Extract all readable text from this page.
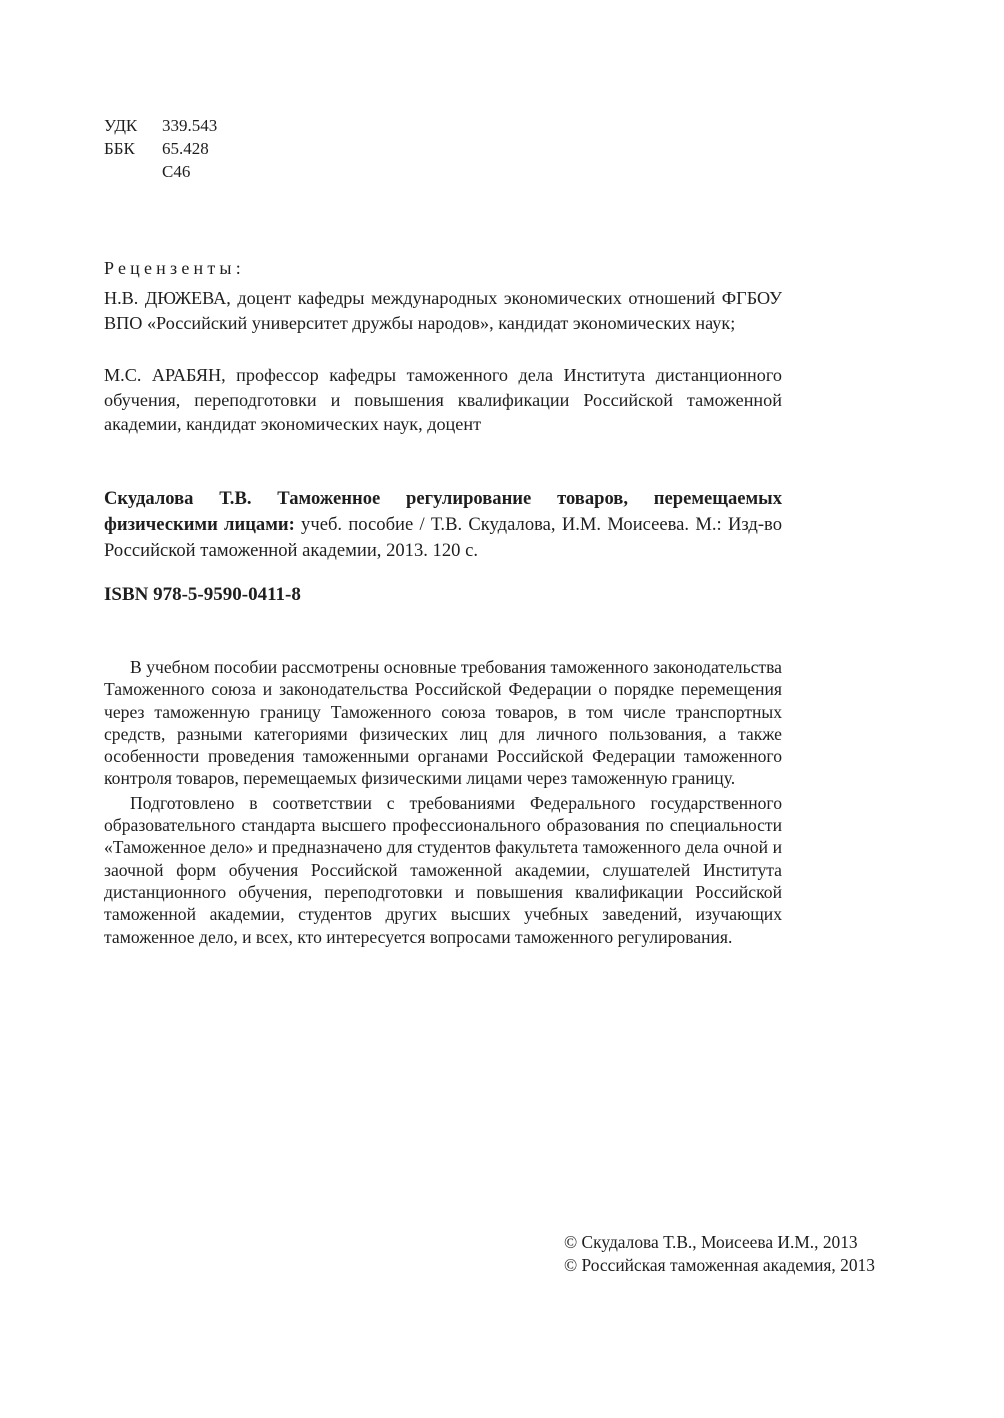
УДК	339.543
ББК	65.428
С46
Рецензенты:
Н.В. ДЮЖЕВА, доцент кафедры международных экономических отношений ФГБОУ ВПО «Российский университет дружбы народов», кандидат экономических наук;
М.С. АРАБЯН, профессор кафедры таможенного дела Института дистанционного обучения, переподготовки и повышения квалификации Российской таможенной академии, кандидат экономических наук, доцент
Скудалова Т.В. Таможенное регулирование товаров, перемещаемых физическими лицами: учеб. пособие / Т.В. Скудалова, И.М. Моисеева. М.: Изд-во Российской таможенной академии, 2013. 120 с.
ISBN 978-5-9590-0411-8

В учебном пособии рассмотрены основные требования таможенного законодательства Таможенного союза и законодательства Российской Федерации о порядке перемещения через таможенную границу Таможенного союза товаров, в том числе транспортных средств, разными категориями физических лиц для личного пользования, а также особенности проведения таможенными органами Российской Федерации таможенного контроля товаров, перемещаемых физическими лицами через таможенную границу.

Подготовлено в соответствии с требованиями Федерального государственного образовательного стандарта высшего профессионального образования по специальности «Таможенное дело» и предназначено для студентов факультета таможенного дела очной и заочной форм обучения Российской таможенной академии, слушателей Института дистанционного обучения, переподготовки и повышения квалификации Российской таможенной академии, студентов других высших учебных заведений, изучающих таможенное дело, и всех, кто интересуется вопросами таможенного регулирования.

© Скудалова Т.В., Моисеева И.М., 2013
© Российская таможенная академия, 2013
